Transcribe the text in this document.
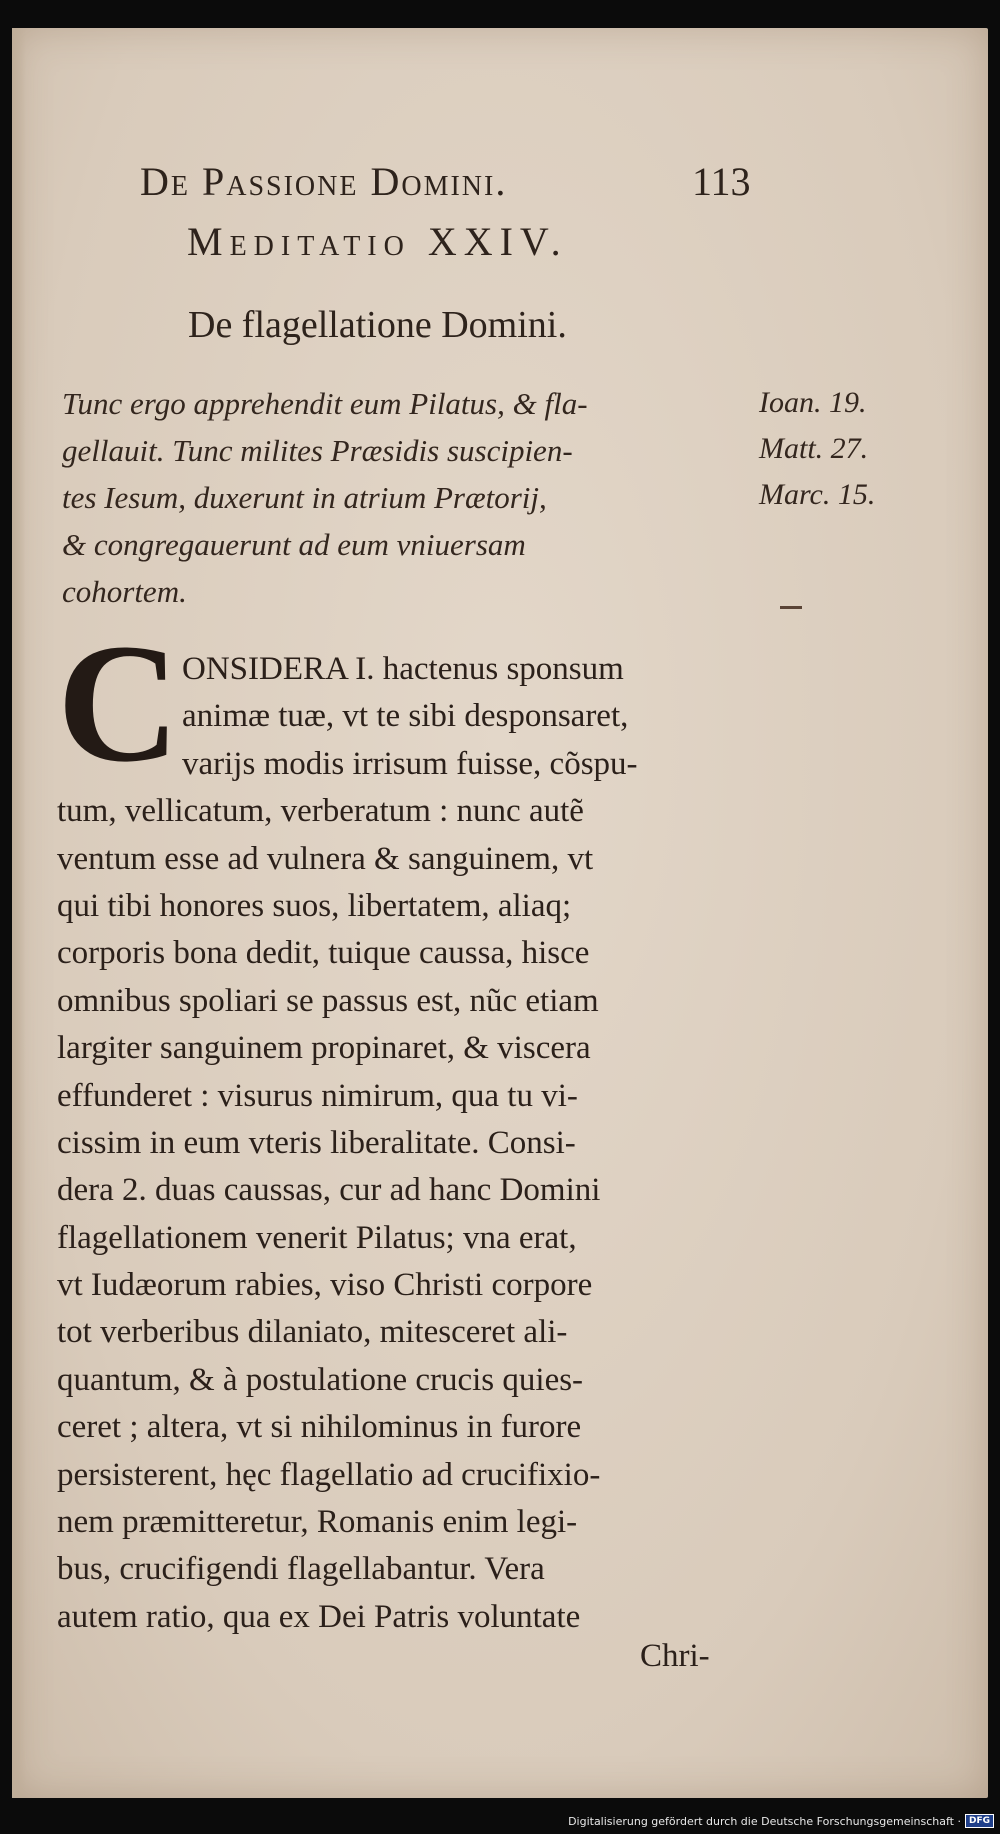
De Passione Domini.	113
Meditatio XXIV.
De flagellatione Domini.

Tunc ergo apprehendit eum Pilatus, & fla-

gellauit. Tunc milites Præsidis suscipien-

tes Iesum, duxerunt in atrium Prætorij,

& congregauerunt ad eum vniuersam

cohortem.

Ioan. 19.
Matt. 27.
Marc. 15.
C ONSIDERA I. hactenus sponsum
animæ tuæ, vt te sibi desponsaret,
varijs modis irrisum fuisse, cõspu-
tum, vellicatum, verberatum : nunc autẽ
ventum esse ad vulnera & sanguinem, vt
qui tibi honores suos, libertatem, aliaq;
corporis bona dedit, tuique caussa, hisce
omnibus spoliari se passus est, nũc etiam
largiter sanguinem propinaret, & viscera
effunderet : visurus nimirum, qua tu vi-
cissim in eum vteris liberalitate. Consi-
dera 2. duas caussas, cur ad hanc Domini
flagellationem venerit Pilatus; vna erat,
vt Iudæorum rabies, viso Christi corpore
tot verberibus dilaniato, mitesceret ali-
quantum, & à postulatione crucis quies-
ceret ; altera, vt si nihilominus in furore
persisterent, hęc flagellatio ad crucifixio-
nem præmitteretur, Romanis enim legi-
bus, crucifigendi flagellabantur. Vera
autem ratio, qua ex Dei Patris voluntate
Chri-
Digitalisierung gefördert durch die Deutsche Forschungsgemeinschaft · DFG
